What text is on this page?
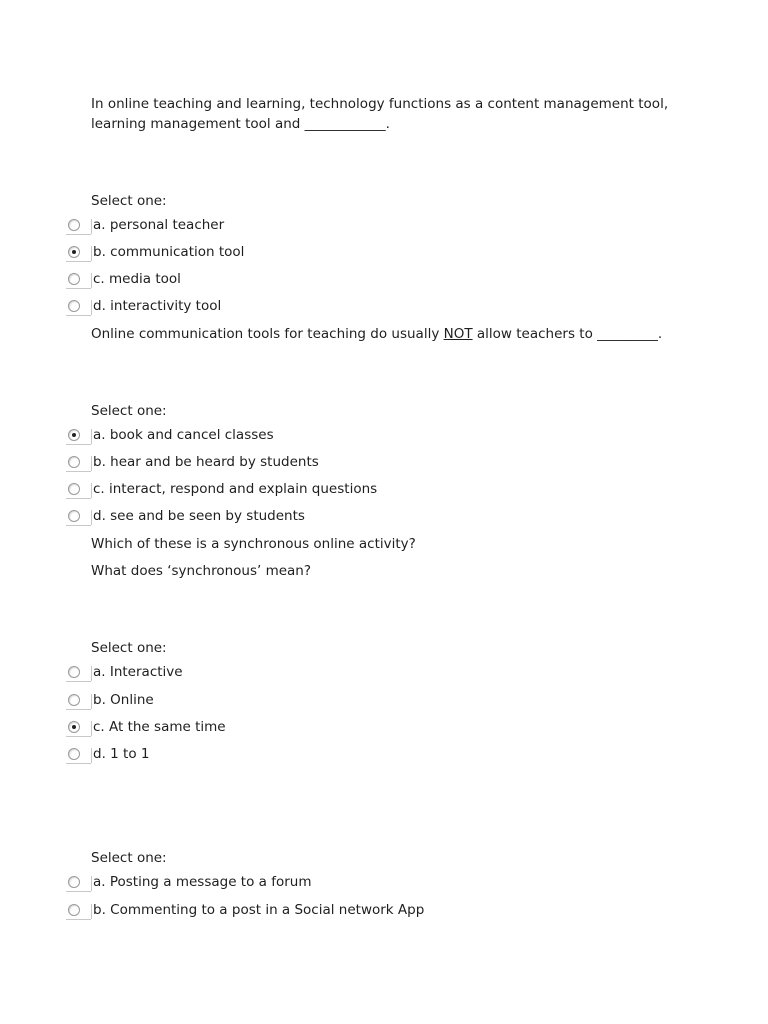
In online teaching and learning, technology functions as a content management tool,
learning management tool and ____________.
Select one:
a. personal teacher
b. communication tool
c. media tool
d. interactivity tool
Online communication tools for teaching do usually NOT allow teachers to _________.
Select one:
a. book and cancel classes
b. hear and be heard by students
c. interact, respond and explain questions
d. see and be seen by students
Which of these is a synchronous online activity?
What does ‘synchronous’ mean?
Select one:
a. Interactive
b. Online
c. At the same time
d. 1 to 1
Select one:
a. Posting a message to a forum
b. Commenting to a post in a Social network App
